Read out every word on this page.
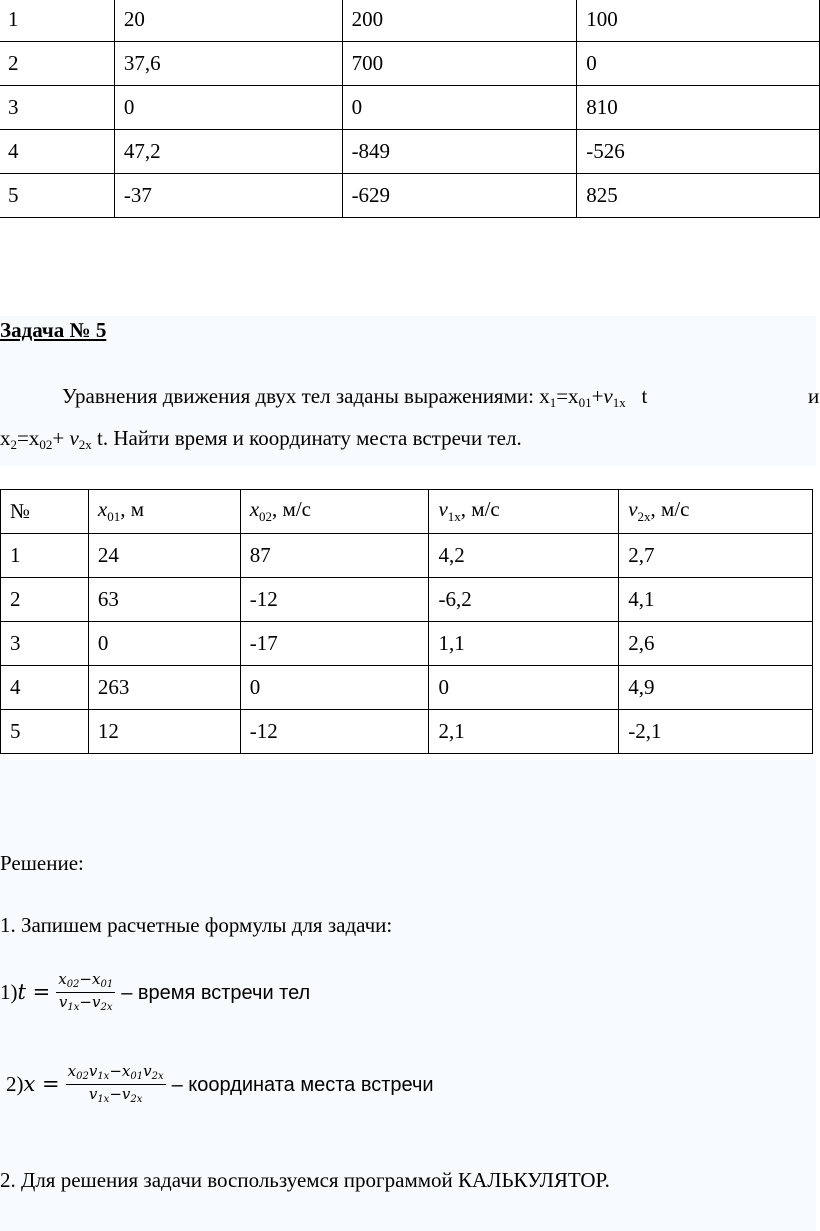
1	20	200	100
2	37,6	700	0
3	0	0	810
4	47,2	-849	-526
5	-37	-629	825
Задача № 5
Уравнения движения двух тел заданы выражениями: $x_1=x_{01}+v_{1x}$   t	и
$x_2=x_{02}+ v_{2x}$ t. Найти время и координату места встречи тел.
№	$x_{01}$, м	$x_{02}$, м/с	$v_{1x}$, м/с	$v_{2x}$, м/с
1	24	87	4,2	2,7
2	63	-12	-6,2	4,1
3	0	-17	1,1	2,6
4	263	0	0	4,9
5	12	-12	2,1	-2,1
Решение:
1. Запишем расчетные формулы для задачи:
1) $t = \frac{x_{02}-x_{01}}{v_{1x}-v_{2x}}$ – время встречи тел
2) $x = \frac{x_{02}v_{1x}-x_{01}v_{2x}}{v_{1x}-v_{2x}}$ – координата места встречи
2. Для решения задачи воспользуемся программой КАЛЬКУЛЯТОР.
